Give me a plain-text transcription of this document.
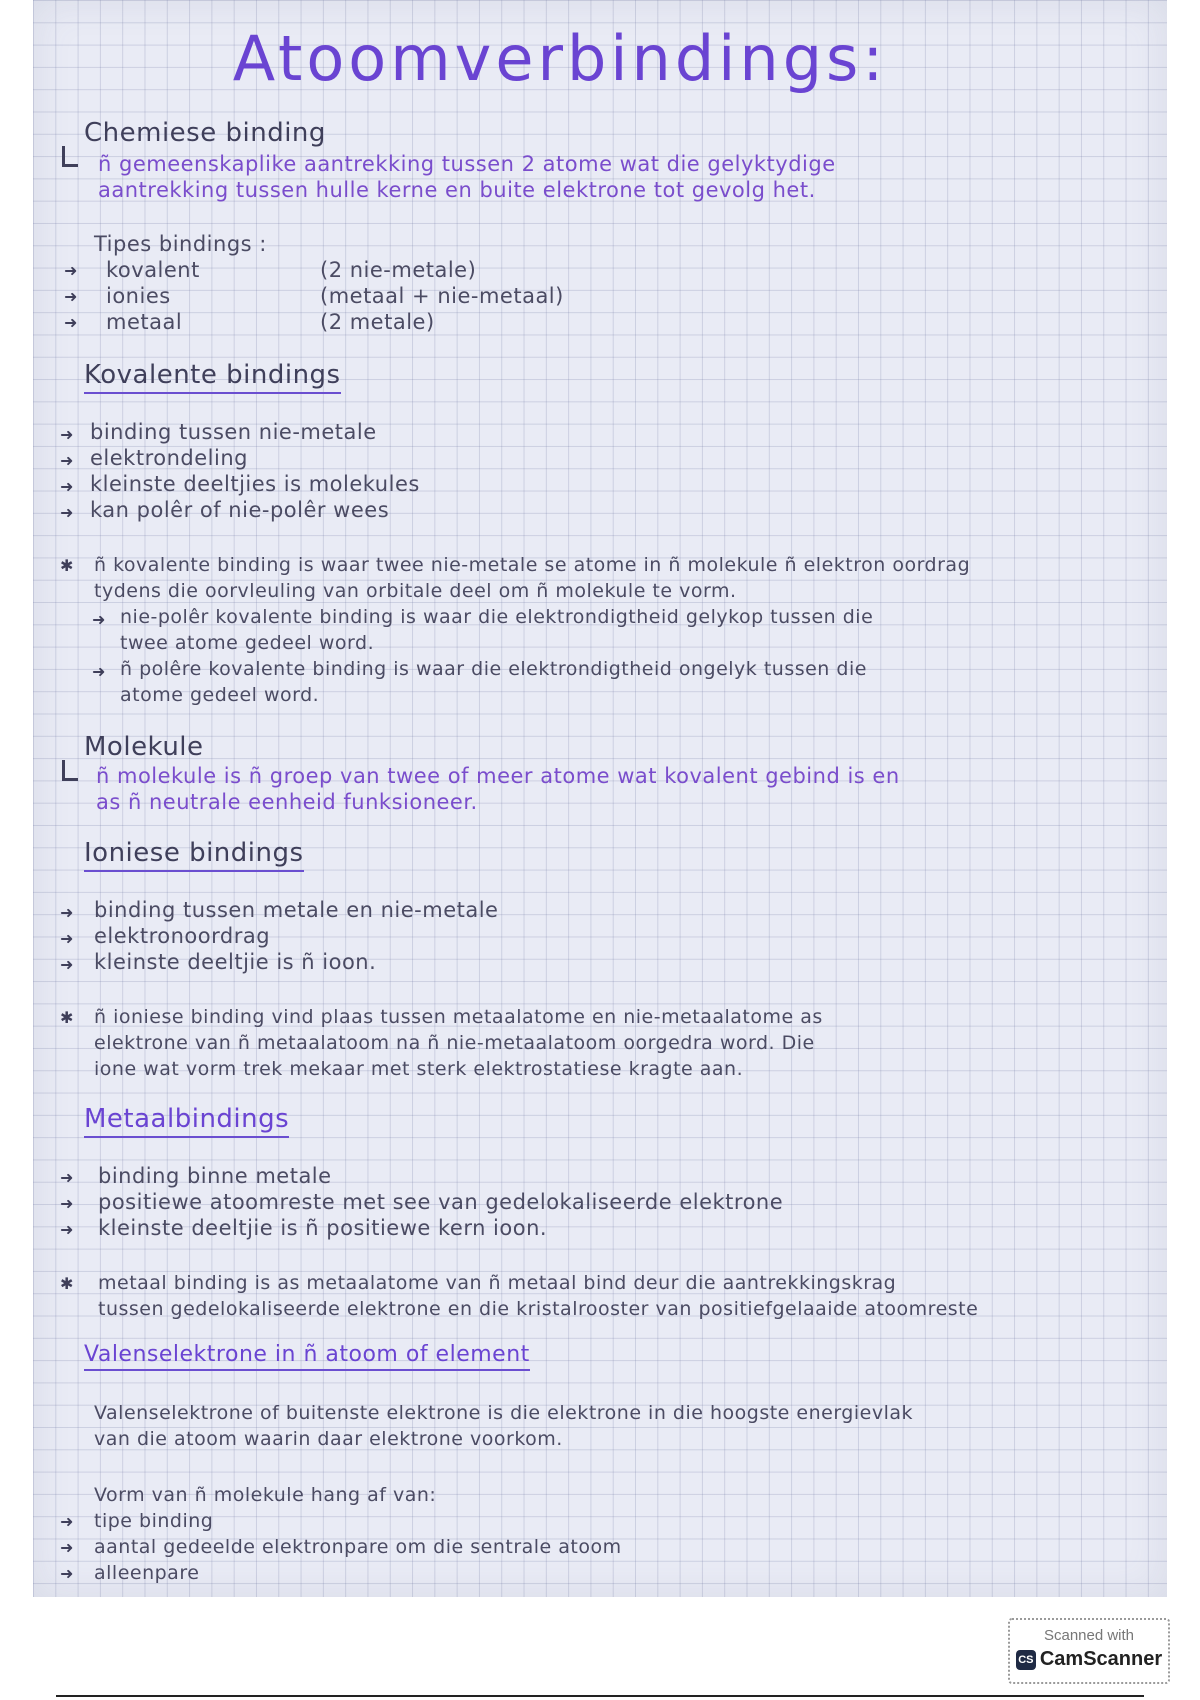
Atoomverbindings:
Chemiese binding
ñ gemeenskaplike aantrekking tussen 2 atome wat die gelyktydige
aantrekking tussen hulle kerne en buite elektrone tot gevolg het.
Tipes bindings :
➜ kovalent	(2 nie-metale)
➜ ionies	(metaal + nie-metaal)
➜ metaal	(2 metale)
Kovalente bindings
➜ binding tussen nie-metale
➜ elektrondeling
➜ kleinste deeltjies is molekules
➜ kan polêr of nie-polêr wees
✱ ñ kovalente binding is waar twee nie-metale se atome in ñ molekule ñ elektron oordrag
tydens die oorvleuling van orbitale deel om ñ molekule te vorm.
➜ nie-polêr kovalente binding is waar die elektrondigtheid gelykop tussen die
twee atome gedeel word.
➜ ñ polêre kovalente binding is waar die elektrondigtheid ongelyk tussen die
atome gedeel word.
Molekule
ñ molekule is ñ groep van twee of meer atome wat kovalent gebind is en
as ñ neutrale eenheid funksioneer.
Ioniese bindings
➜ binding tussen metale en nie-metale
➜ elektronoordrag
➜ kleinste deeltjie is ñ ioon.
✱ ñ ioniese binding vind plaas tussen metaalatome en nie-metaalatome as
elektrone van ñ metaalatoom na ñ nie-metaalatoom oorgedra word. Die
ione wat vorm trek mekaar met sterk elektrostatiese kragte aan.
Metaalbindings
➜ binding binne metale
➜ positiewe atoomreste met see van gedelokaliseerde elektrone
➜ kleinste deeltjie is ñ positiewe kern ioon.
✱ metaal binding is as metaalatome van ñ metaal bind deur die aantrekkingskrag
tussen gedelokaliseerde elektrone en die kristalrooster van positiefgelaaide atoomreste
Valenselektrone in ñ atoom of element
Valenselektrone of buitenste elektrone is die elektrone in die hoogste energievlak
van die atoom waarin daar elektrone voorkom.
Vorm van ñ molekule hang af van:
➜ tipe binding
➜ aantal gedeelde elektronpare om die sentrale atoom
➜ alleenpare
Scanned with
CS CamScanner
